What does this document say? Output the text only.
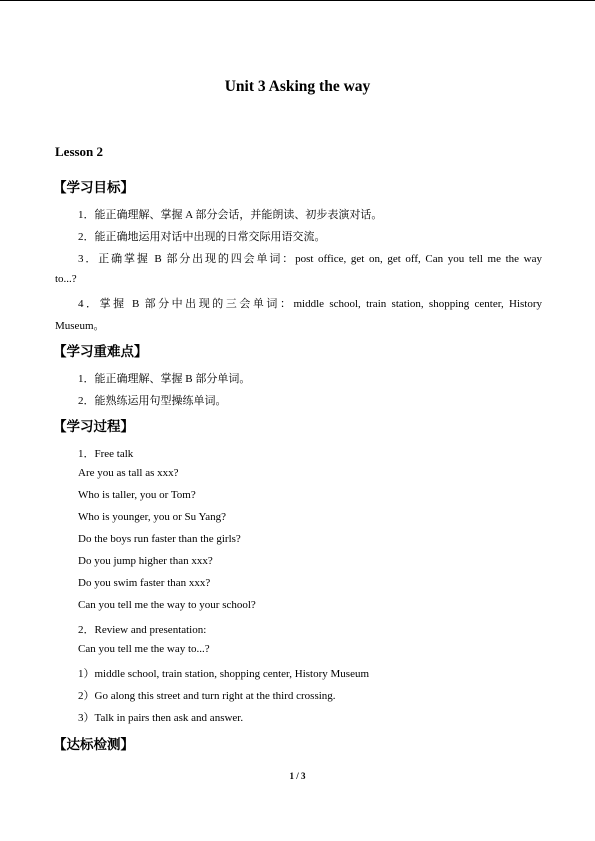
Unit 3 Asking the way
Lesson 2
【学习目标】
1．能正确理解、掌握 A 部分会话，并能朗读、初步表演对话。
2．能正确地运用对话中出现的日常交际用语交流。
3．正确掌握 B 部分出现的四会单词：post office, get on, get off, Can you tell me the way
to...?
4．掌握 B 部分中出现的三会单词：middle school, train station, shopping center, History
Museum。
【学习重难点】
1．能正确理解、掌握 B 部分单词。
2．能熟练运用句型操练单词。
【学习过程】
1．Free talk
Are you as tall as xxx?
Who is taller, you or Tom?
Who is younger, you or Su Yang?
Do the boys run faster than the girls?
Do you jump higher than xxx?
Do you swim faster than xxx?
Can you tell me the way to your school?
2．Review and presentation:
Can you tell me the way to...?
1）middle school, train station, shopping center, History Museum
2）Go along this street and turn right at the third crossing.
3）Talk in pairs then ask and answer.
【达标检测】
1 / 3
